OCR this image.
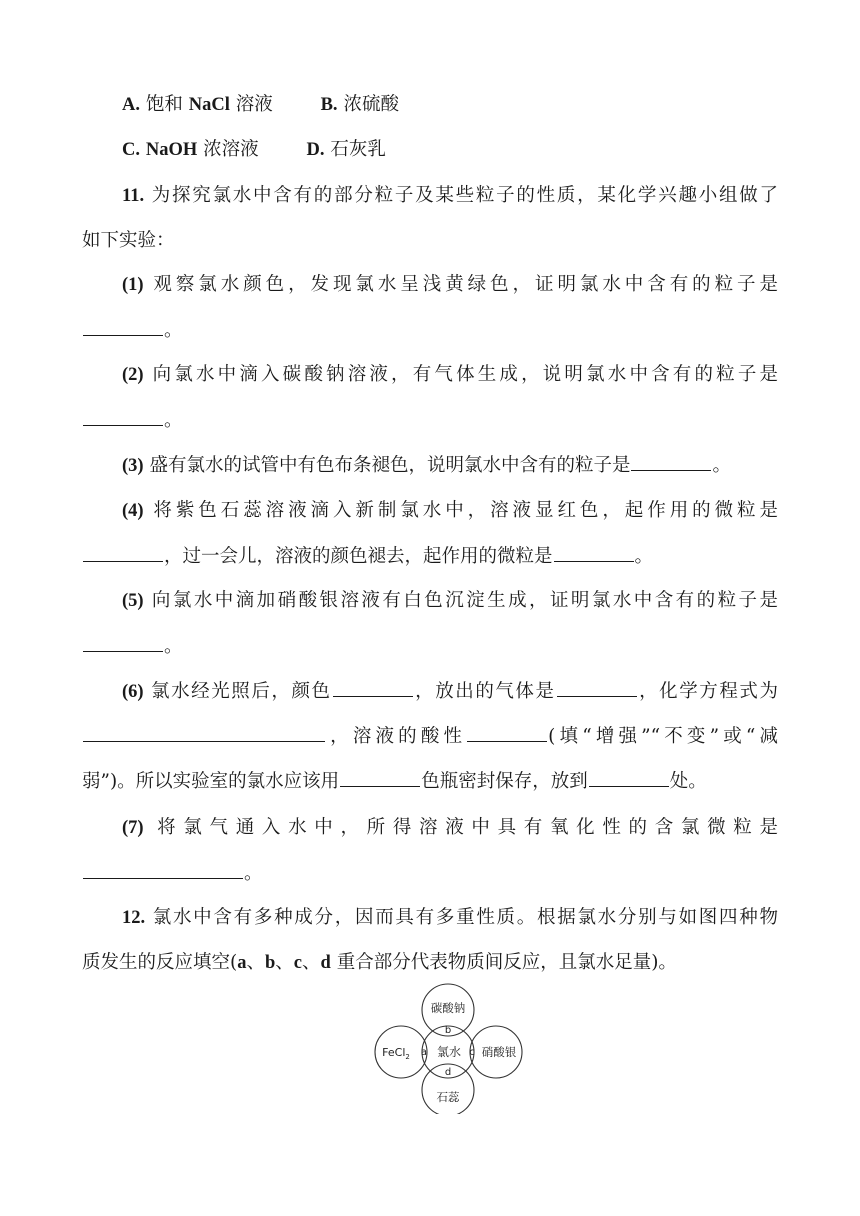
A. 饱和 NaCl 溶液	B. 浓硫酸
C. NaOH 浓溶液	D. 石灰乳
11. 为探究氯水中含有的部分粒子及某些粒子的性质，某化学兴趣小组做了
如下实验：
(1) 观察氯水颜色，发现氯水呈浅黄绿色，证明氯水中含有的粒子是
。
(2) 向氯水中滴入碳酸钠溶液，有气体生成，说明氯水中含有的粒子是
。
(3) 盛有氯水的试管中有色布条褪色，说明氯水中含有的粒子是	。
(4) 将紫色石蕊溶液滴入新制氯水中，溶液显红色，起作用的微粒是
，过一会儿，溶液的颜色褪去，起作用的微粒是	。
(5) 向氯水中滴加硝酸银溶液有白色沉淀生成，证明氯水中含有的粒子是
。
(6) 氯水经光照后，颜色	，放出的气体是	，化学方程式为
，溶液的酸性	(填“增强”“不变”或“减
弱”)。所以实验室的氯水应该用	色瓶密封保存，放到	处。
(7) 将氯气通入水中，所得溶液中具有氧化性的含氯微粒是
。
12. 氯水中含有多种成分，因而具有多重性质。根据氯水分别与如图四种物
质发生的反应填空(a、b、c、d 重合部分代表物质间反应，且氯水足量)。
碳酸钠
FeCl$_2$ 氯水 硝酸银
石蕊
a
b
c
d
